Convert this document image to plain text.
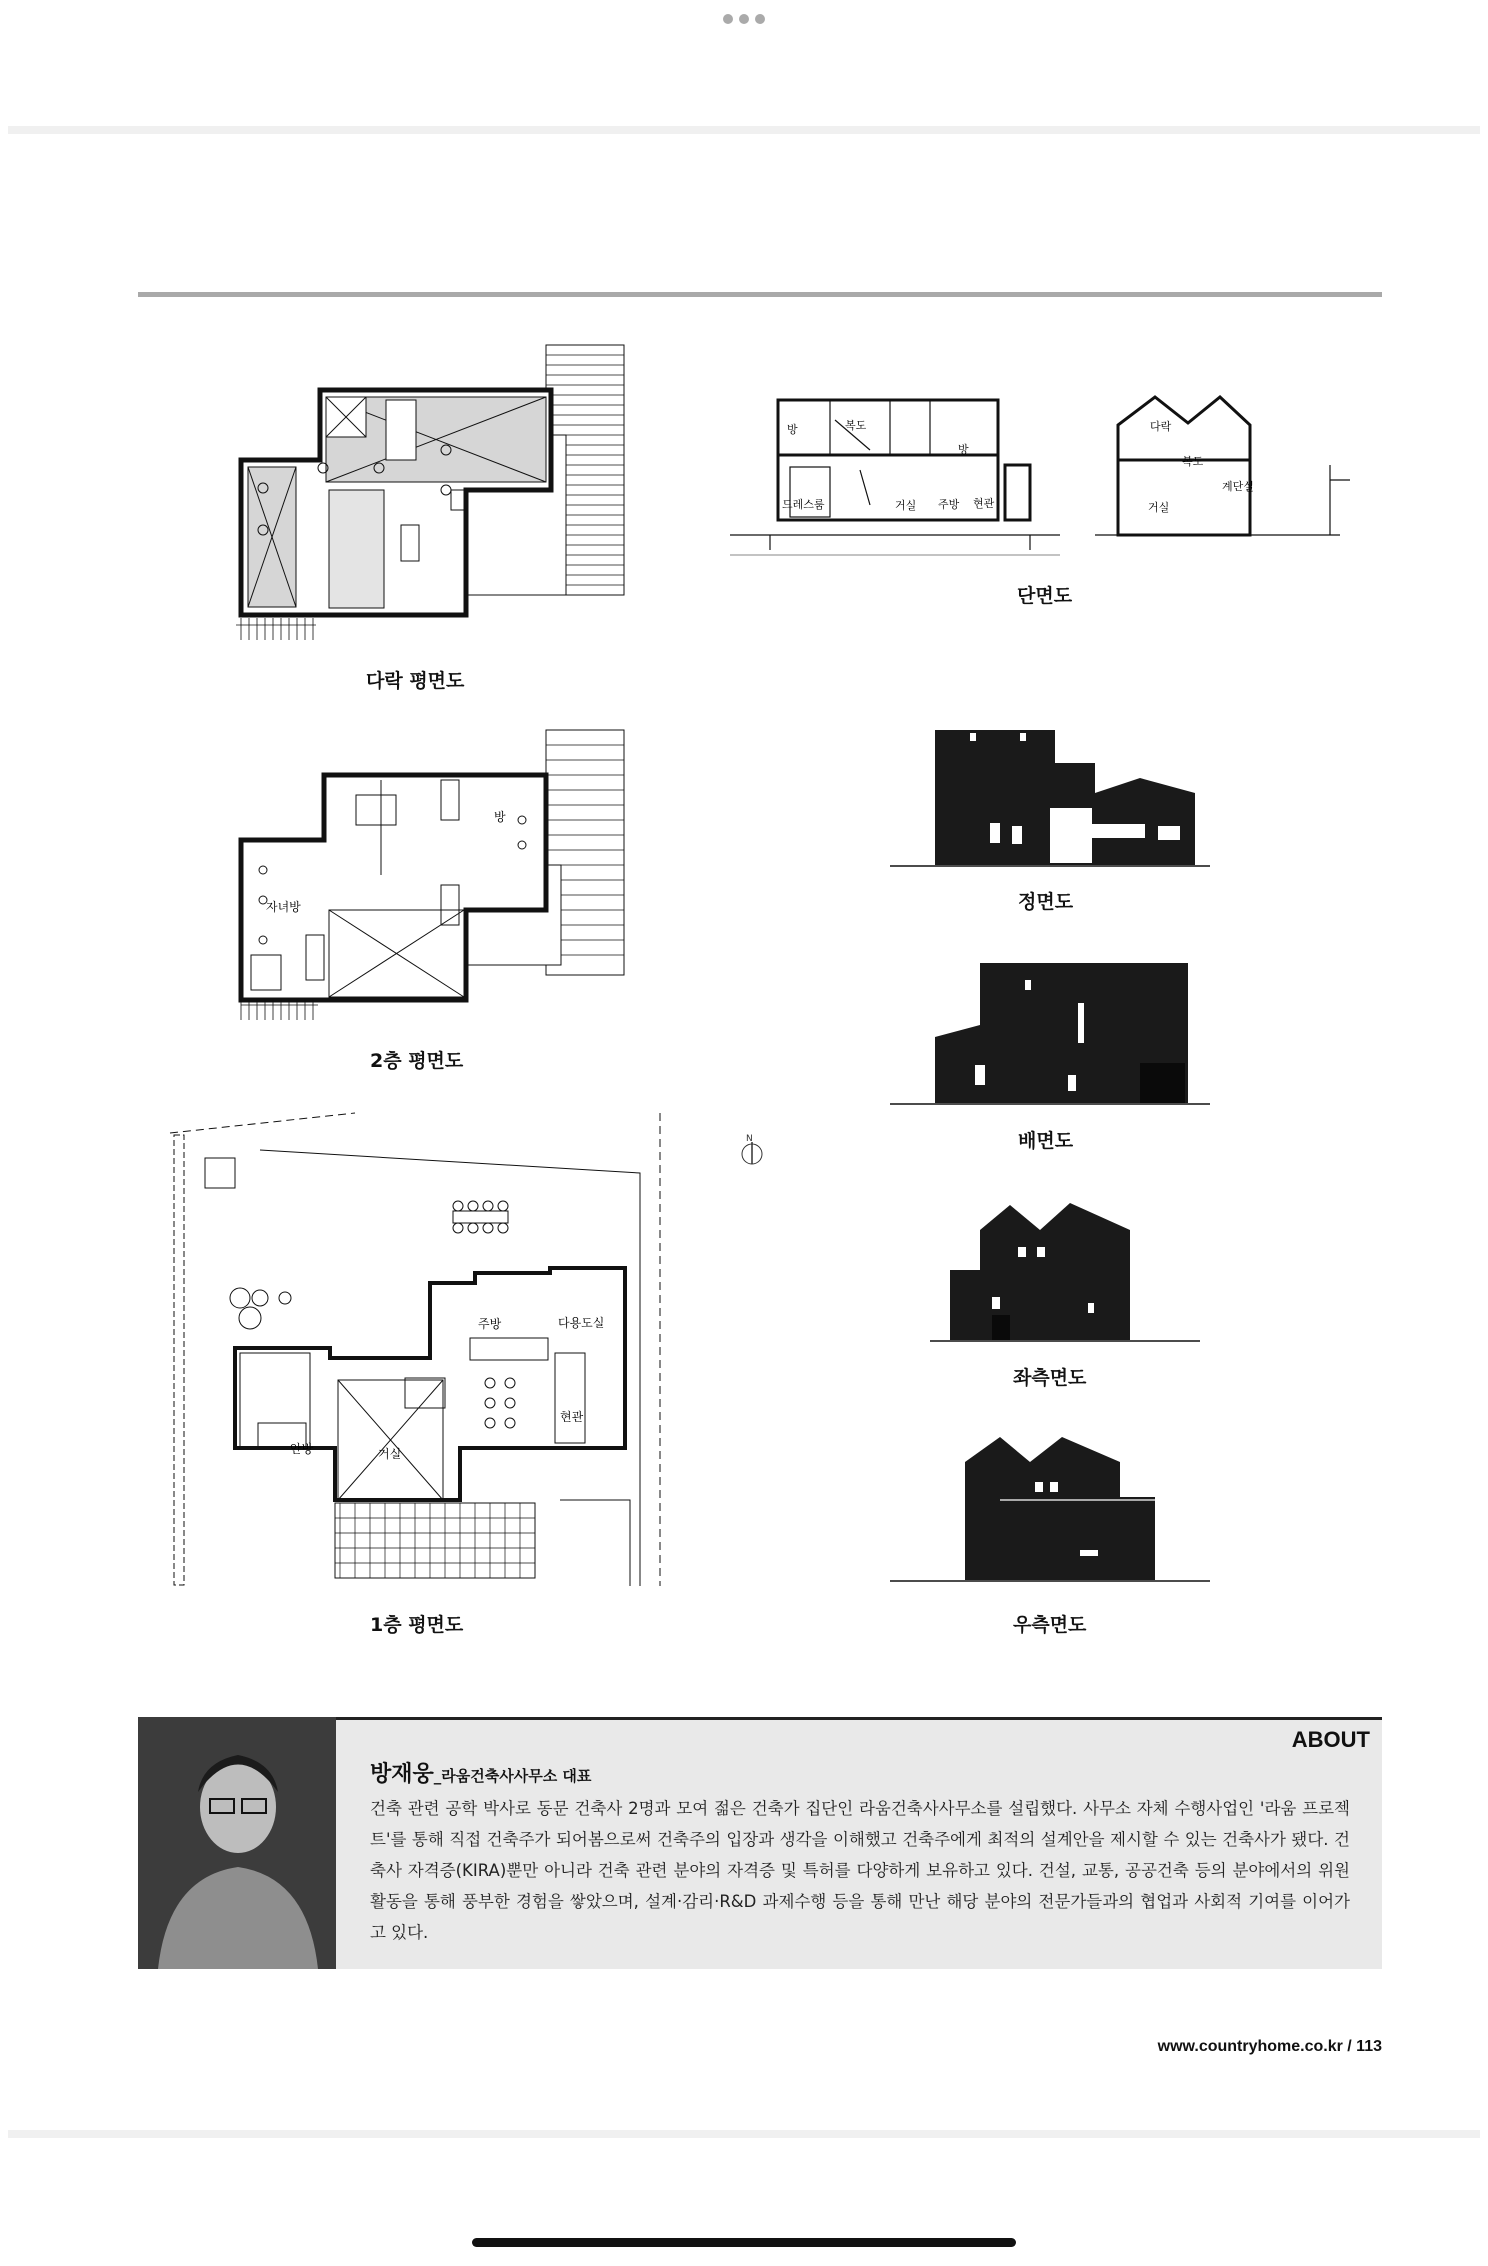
다락 평면도
방	복도
방
드레스룸	거실 주방 현관
다락
복도
계단실
거실
단면도
방
자녀방
2층 평면도
정면도
배면도
N
주방	다용도실
현관
안방	거실
1층 평면도
좌측면도
우측면도
ABOUT
방재웅_라움건축사사무소 대표
건축 관련 공학 박사로 동문 건축사 2명과 모여 젊은 건축가 집단인 라움건축사사무소를 설립했다. 사무소 자체 수행사업인 '라움 프로젝트'를 통해 직접 건축주가 되어봄으로써 건축주의 입장과 생각을 이해했고 건축주에게 최적의 설계안을 제시할 수 있는 건축사가 됐다. 건축사 자격증(KIRA)뿐만 아니라 건축 관련 분야의 자격증 및 특허를 다양하게 보유하고 있다. 건설, 교통, 공공건축 등의 분야에서의 위원 활동을 통해 풍부한 경험을 쌓았으며, 설계·감리·R&D 과제수행 등을 통해 만난 해당 분야의 전문가들과의 협업과 사회적 기여를 이어가고 있다.
www.countryhome.co.kr / 113
